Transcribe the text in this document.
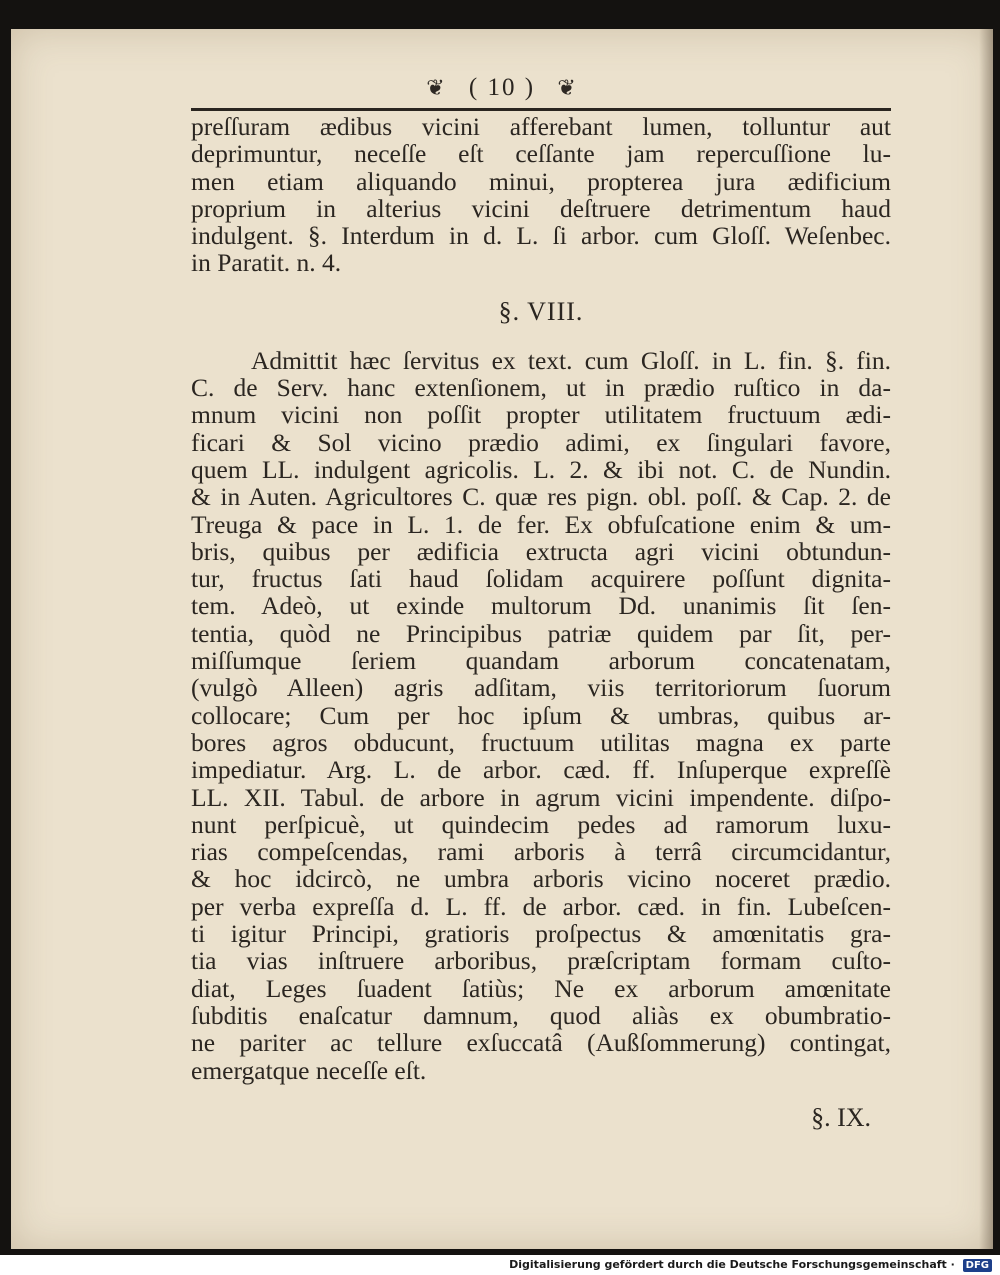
❦ ( 10 ) ❦
preſſuram ædibus vicini afferebant lumen, tolluntur aut
deprimuntur, neceſſe eſt ceſſante jam repercuſſione lu-
men etiam aliquando minui, propterea jura ædificium
proprium in alterius vicini deſtruere detrimentum haud
indulgent. §. Interdum in d. L. ſi arbor. cum Gloſſ. Weſenbec.
in Paratit. n. 4.
§. VIII.
Admittit hæc ſervitus ex text. cum Gloſſ. in L. fin. §. fin.
C. de Serv. hanc extenſionem, ut in prædio ruſtico in da-
mnum vicini non poſſit propter utilitatem fructuum ædi-
ficari & Sol vicino prædio adimi, ex ſingulari favore,
quem LL. indulgent agricolis. L. 2. & ibi not. C. de Nundin.
& in Auten. Agricultores C. quæ res pign. obl. poſſ. & Cap. 2. de
Treuga & pace in L. 1. de fer. Ex obfuſcatione enim & um-
bris, quibus per ædificia extructa agri vicini obtundun-
tur, fructus ſati haud ſolidam acquirere poſſunt dignita-
tem. Adeò, ut exinde multorum Dd. unanimis ſit ſen-
tentia, quòd ne Principibus patriæ quidem par ſit, per-
miſſumque ſeriem quandam arborum concatenatam,
(vulgò Alleen) agris adſitam, viis territoriorum ſuorum
collocare; Cum per hoc ipſum & umbras, quibus ar-
bores agros obducunt, fructuum utilitas magna ex parte
impediatur. Arg. L. de arbor. cæd. ff. Inſuperque expreſſè
LL. XII. Tabul. de arbore in agrum vicini impendente. diſpo-
nunt perſpicuè, ut quindecim pedes ad ramorum luxu-
rias compeſcendas, rami arboris à terrâ circumcidantur,
& hoc idcircò, ne umbra arboris vicino noceret prædio.
per verba expreſſa d. L. ff. de arbor. cæd. in fin. Lubeſcen-
ti igitur Principi, gratioris proſpectus & amœnitatis gra-
tia vias inſtruere arboribus, præſcriptam formam cuſto-
diat, Leges ſuadent ſatiùs; Ne ex arborum amœnitate
ſubditis enaſcatur damnum, quod aliàs ex obumbratio-
ne pariter ac tellure exſuccatâ (Außſommerung) contingat,
emergatque neceſſe eſt.
§. IX.
Digitalisierung gefördert durch die Deutsche Forschungsgemeinschaft · DFG
